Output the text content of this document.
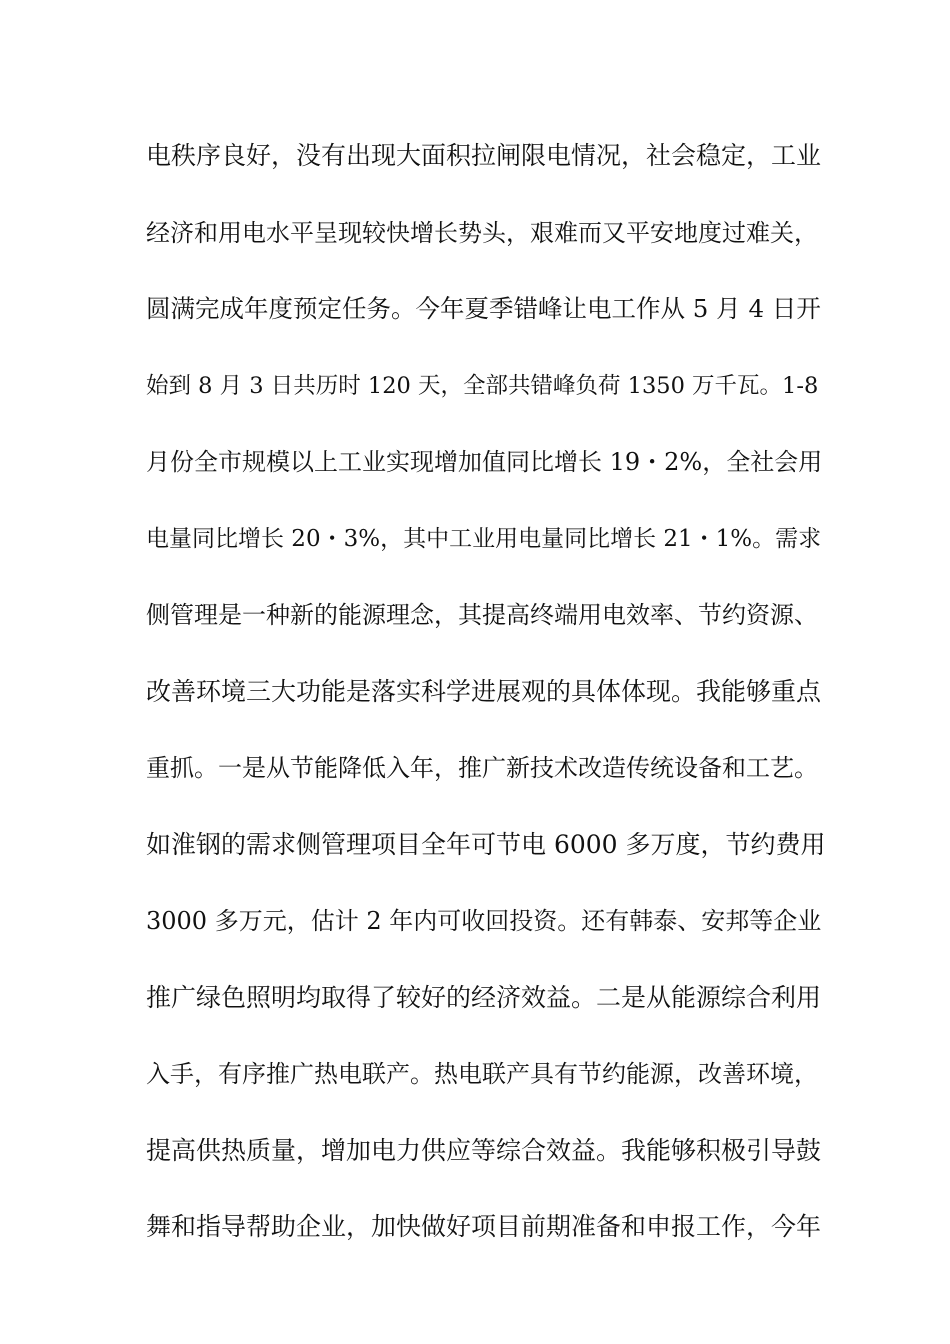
电秩序良好，没有出现大面积拉闸限电情况，社会稳定，工业
经济和用电水平呈现较快增长势头，艰难而又平安地度过难关，
圆满完成年度预定任务。今年夏季错峰让电工作从 5 月 4 日开
始到 8 月 3 日共历时 120 天，全部共错峰负荷 1350 万千瓦。1-8
月份全市规模以上工业实现增加值同比增长 19・2%，全社会用
电量同比增长 20・3%，其中工业用电量同比增长 21・1%。需求
侧管理是一种新的能源理念，其提高终端用电效率、节约资源、
改善环境三大功能是落实科学进展观的具体体现。我能够重点
重抓。一是从节能降低入年，推广新技术改造传统设备和工艺。
如淮钢的需求侧管理项目全年可节电 6000 多万度，节约费用
3000 多万元，估计 2 年内可收回投资。还有韩泰、安邦等企业
推广绿色照明均取得了较好的经济效益。二是从能源综合利用
入手，有序推广热电联产。热电联产具有节约能源，改善环境，
提高供热质量，增加电力供应等综合效益。我能够积极引导鼓
舞和指导帮助企业，加快做好项目前期准备和申报工作，今年
